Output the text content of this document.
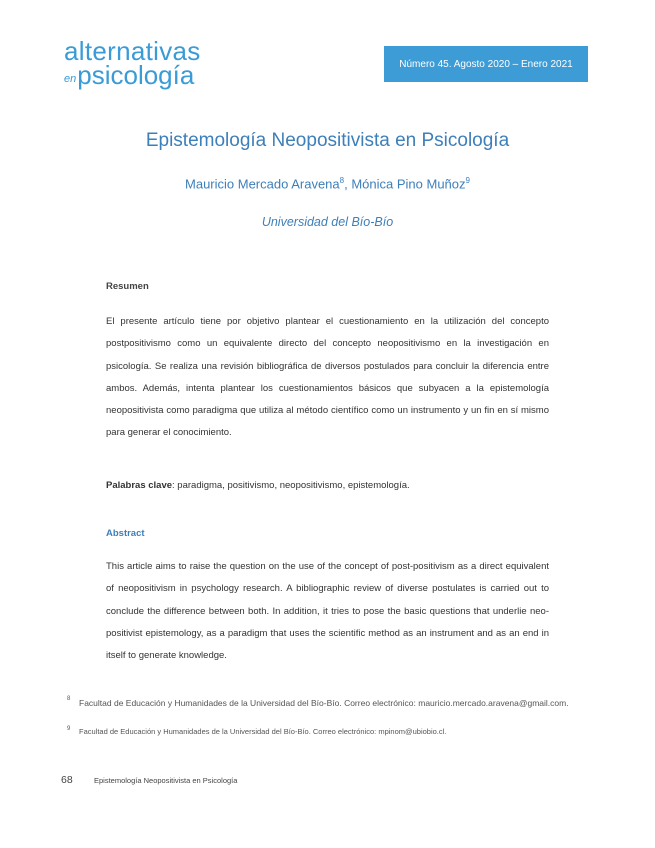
alternativas
enpsicología	Número 45. Agosto 2020 – Enero 2021
Epistemología Neopositivista en Psicología
Mauricio Mercado Aravena$^8$, Mónica Pino Muñoz$^9$
Universidad del Bío-Bío
Resumen
El presente artículo tiene por objetivo plantear el cuestionamiento en la utilización del concepto postpositivismo como un equivalente directo del concepto neopositivismo en la investigación en psicología. Se realiza una revisión bibliográfica de diversos postulados para concluir la diferencia entre ambos. Además, intenta plantear los cuestionamientos básicos que subyacen a la epistemología neopositivista como paradigma que utiliza al método científico como un instrumento y un fin en sí mismo para generar el conocimiento.
Palabras clave: paradigma, positivismo, neopositivismo, epistemología.
Abstract
This article aims to raise the question on the use of the concept of post-positivism as a direct equivalent of neopositivism in psychology research. A bibliographic review of diverse postulates is carried out to conclude the difference between both. In addition, it tries to pose the basic questions that underlie neo-positivist epistemology, as a paradigm that uses the scientific method as an instrument and as an end in itself to generate knowledge.
8 Facultad de Educación y Humanidades de la Universidad del Bío-Bío. Correo electrónico: mauricio.mercado.aravena@gmail.com.
9 Facultad de Educación y Humanidades de la Universidad del Bío-Bío. Correo electrónico: mpinom@ubiobio.cl.
68	Epistemología Neopositivista en Psicología
